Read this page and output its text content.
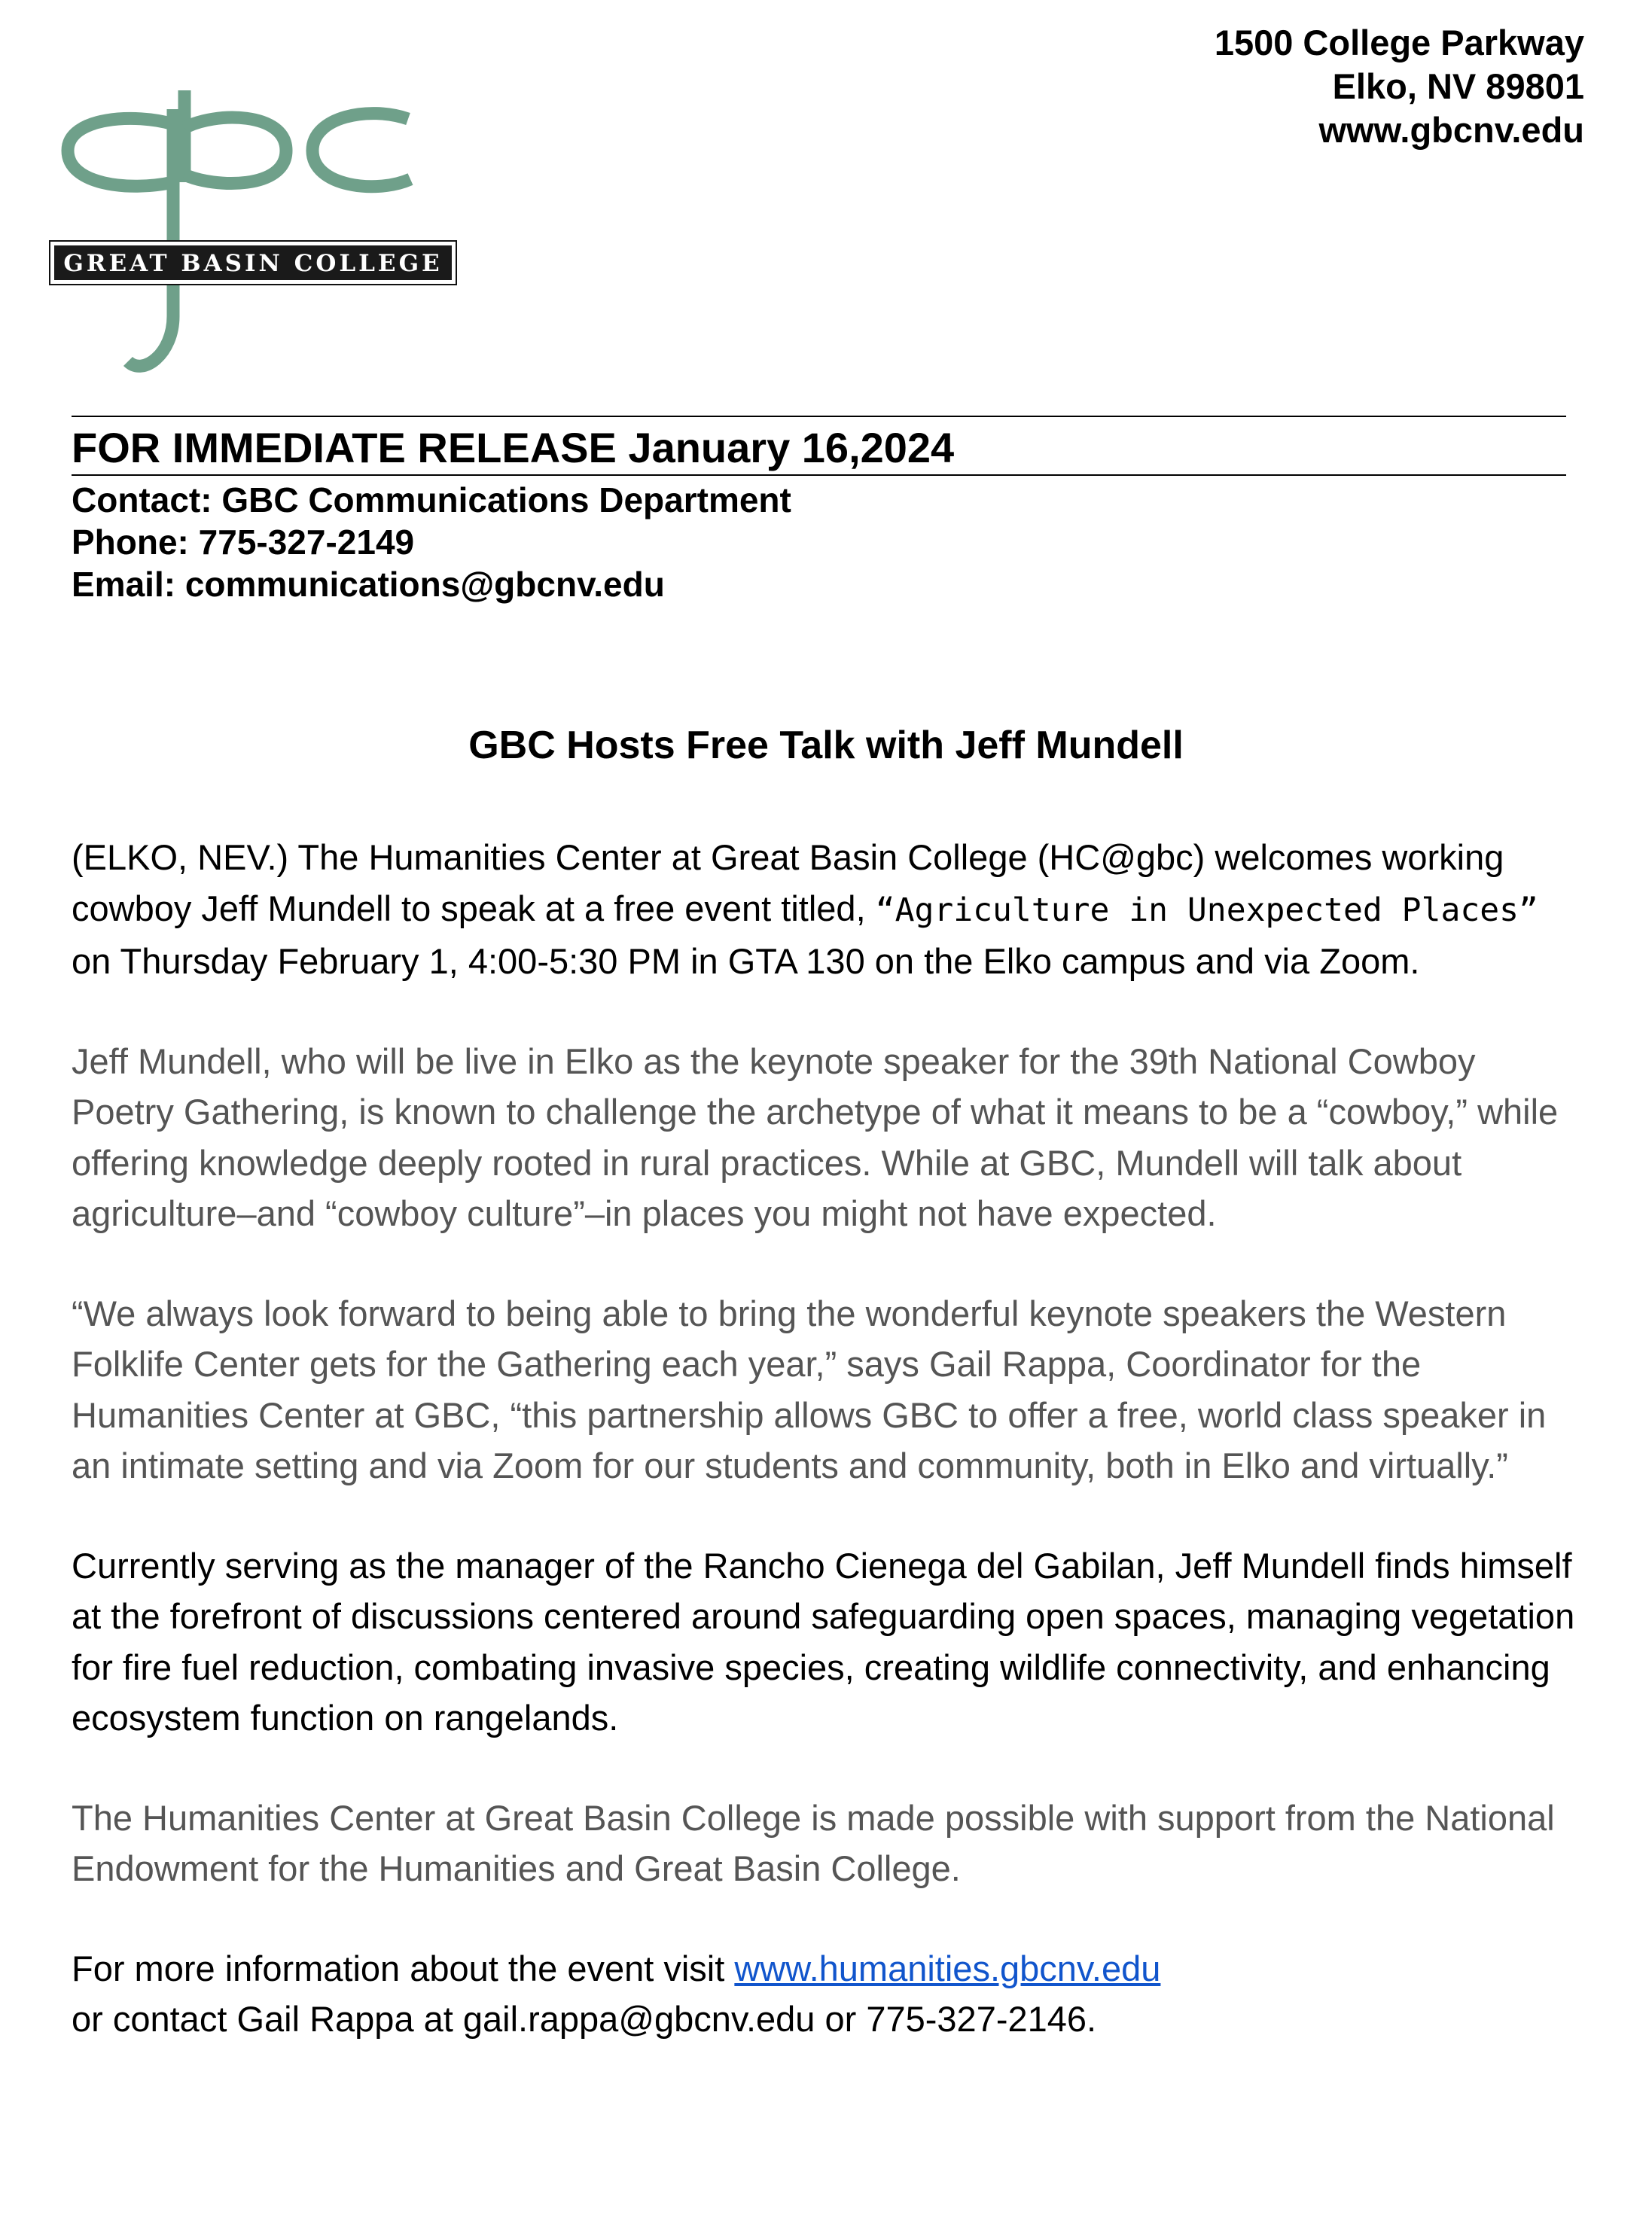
1500 College Parkway
Elko, NV 89801
www.gbcnv.edu
GREAT BASIN COLLEGE
FOR IMMEDIATE RELEASE January 16,2024
Contact: GBC Communications Department
Phone: 775-327-2149
Email: communications@gbcnv.edu
GBC Hosts Free Talk with Jeff Mundell

(ELKO, NEV.) The Humanities Center at Great Basin College (HC@gbc) welcomes working cowboy Jeff Mundell to speak at a free event titled, “Agriculture in Unexpected Places” on Thursday February 1, 4:00-5:30 PM in GTA 130 on the Elko campus and via Zoom.

Jeff Mundell, who will be live in Elko as the keynote speaker for the 39th National Cowboy Poetry Gathering, is known to challenge the archetype of what it means to be a “cowboy,” while offering knowledge deeply rooted in rural practices. While at GBC, Mundell will talk about agriculture–and “cowboy culture”–in places you might not have expected.

“We always look forward to being able to bring the wonderful keynote speakers the Western Folklife Center gets for the Gathering each year,” says Gail Rappa, Coordinator for the Humanities Center at GBC, “this partnership allows GBC to offer a free, world class speaker in an intimate setting and via Zoom for our students and community, both in Elko and virtually.”

Currently serving as the manager of the Rancho Cienega del Gabilan, Jeff Mundell finds himself at the forefront of discussions centered around safeguarding open spaces, managing vegetation for fire fuel reduction, combating invasive species, creating wildlife connectivity, and enhancing ecosystem function on rangelands.

The Humanities Center at Great Basin College is made possible with support from the National Endowment for the Humanities and Great Basin College.

For more information about the event visit www.humanities.gbcnv.edu
or contact Gail Rappa at gail.rappa@gbcnv.edu or 775-327-2146.
